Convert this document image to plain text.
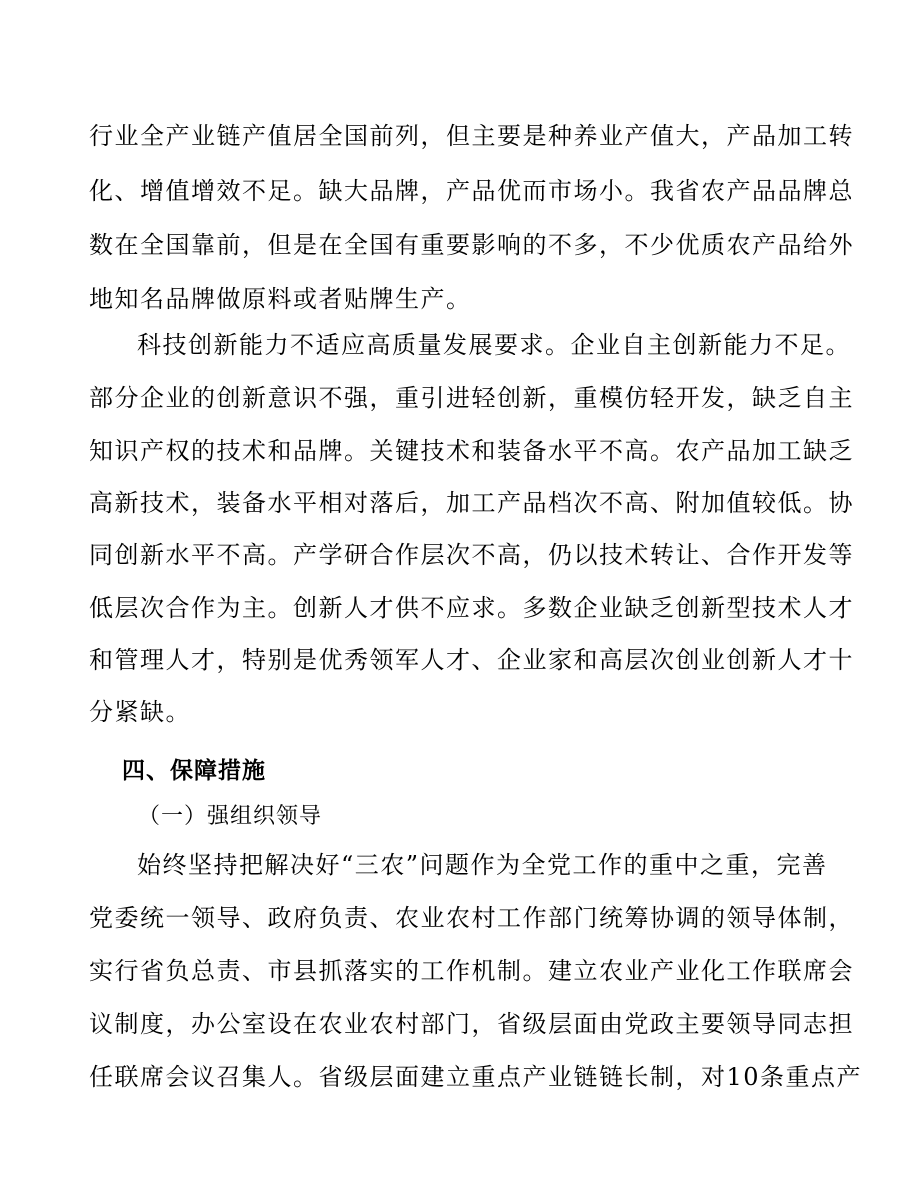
行业全产业链产值居全国前列，但主要是种养业产值大，产品加工转
化、增值增效不足。缺大品牌，产品优而市场小。我省农产品品牌总
数在全国靠前，但是在全国有重要影响的不多，不少优质农产品给外
地知名品牌做原料或者贴牌生产。
科技创新能力不适应高质量发展要求。企业自主创新能力不足。
部分企业的创新意识不强，重引进轻创新，重模仿轻开发，缺乏自主
知识产权的技术和品牌。关键技术和装备水平不高。农产品加工缺乏
高新技术，装备水平相对落后，加工产品档次不高、附加值较低。协
同创新水平不高。产学研合作层次不高，仍以技术转让、合作开发等
低层次合作为主。创新人才供不应求。多数企业缺乏创新型技术人才
和管理人才，特别是优秀领军人才、企业家和高层次创业创新人才十
分紧缺。
四、保障措施
（一）强组织领导
始终坚持把解决好“三农”问题作为全党工作的重中之重，完善
党委统一领导、政府负责、农业农村工作部门统筹协调的领导体制，
实行省负总责、市县抓落实的工作机制。建立农业产业化工作联席会
议制度，办公室设在农业农村部门，省级层面由党政主要领导同志担
任联席会议召集人。省级层面建立重点产业链链长制，对10条重点产
